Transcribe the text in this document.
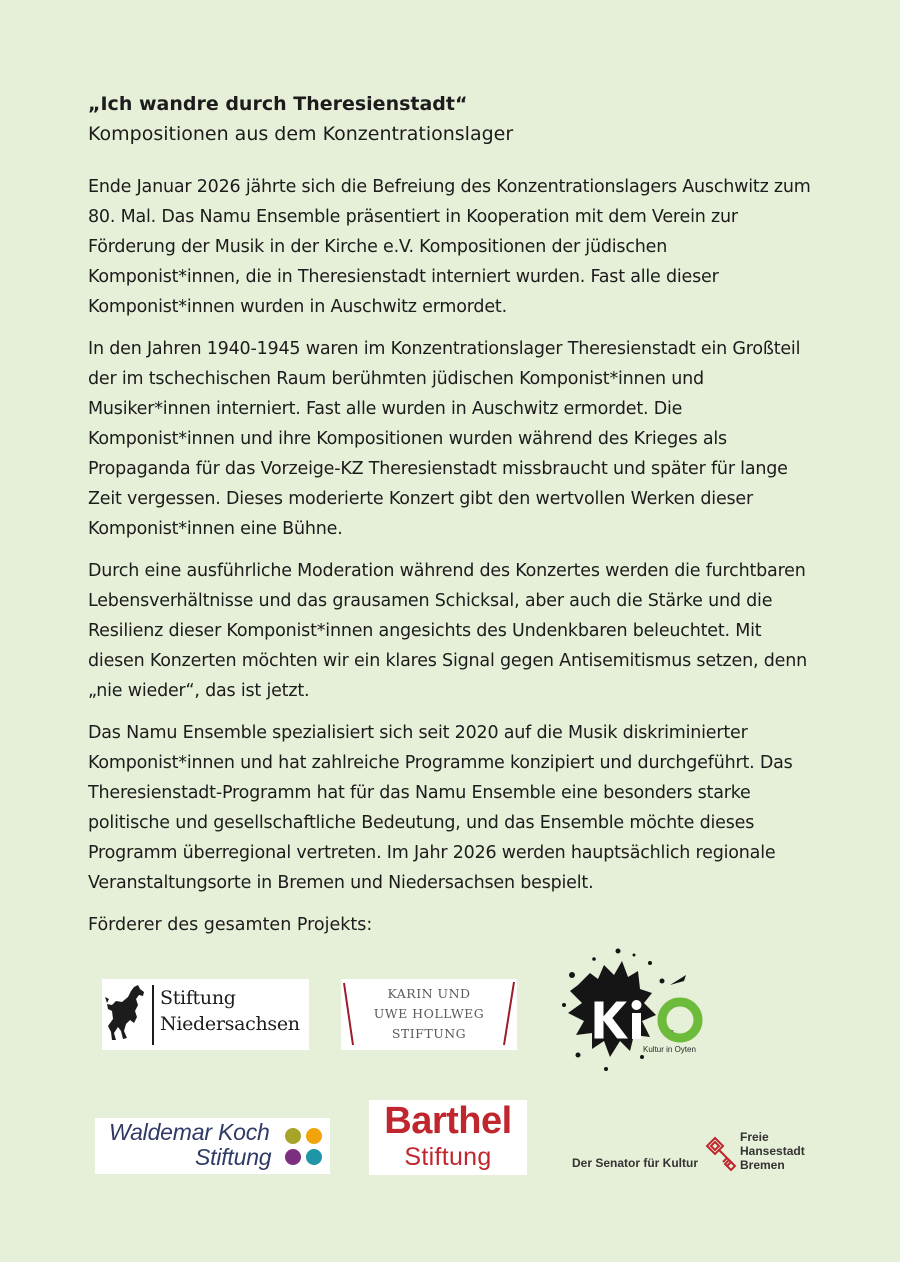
„Ich wandre durch Theresienstadt“

Kompositionen aus dem Konzentrationslager

Ende Januar 2026 jährte sich die Befreiung des Konzentrationslagers Auschwitz zum 80. Mal. Das Namu Ensemble präsentiert in Kooperation mit dem Verein zur Förderung der Musik in der Kirche e.V. Kompositionen der jüdischen Komponist*innen, die in Theresienstadt interniert wurden. Fast alle dieser Komponist*innen wurden in Auschwitz ermordet.

In den Jahren 1940-1945 waren im Konzentrationslager Theresienstadt ein Großteil der im tschechischen Raum berühmten jüdischen Komponist*innen und Musiker*innen interniert. Fast alle wurden in Auschwitz ermordet. Die Komponist*innen und ihre Kompositionen wurden während des Krieges als Propaganda für das Vorzeige-KZ Theresienstadt missbraucht und später für lange Zeit vergessen. Dieses moderierte Konzert gibt den wertvollen Werken dieser Komponist*innen eine Bühne.

Durch eine ausführliche Moderation während des Konzertes werden die furchtbaren Lebensverhältnisse und das grausamen Schicksal, aber auch die Stärke und die Resilienz dieser Komponist*innen angesichts des Undenkbaren beleuchtet. Mit diesen Konzerten möchten wir ein klares Signal gegen Antisemitismus setzen, denn „nie wieder“, das ist jetzt.

Das Namu Ensemble spezialisiert sich seit 2020 auf die Musik diskriminierter Komponist*innen und hat zahlreiche Programme konzipiert und durchgeführt. Das Theresienstadt-Programm hat für das Namu Ensemble eine besonders starke politische und gesellschaftliche Bedeutung, und das Ensemble möchte dieses Programm überregional vertreten. Im Jahr 2026 werden hauptsächlich regionale Veranstaltungsorte in Bremen und Niedersachsen bespielt.

Förderer des gesamten Projekts:
Stiftung
Niedersachsen
KARIN UND
UWE HOLLWEG
STIFTUNG
Kultur in Oyten
Waldemar Koch
Stiftung
Barthel
Stiftung	Der Senator für Kultur
Freie
Hansestadt
Bremen
